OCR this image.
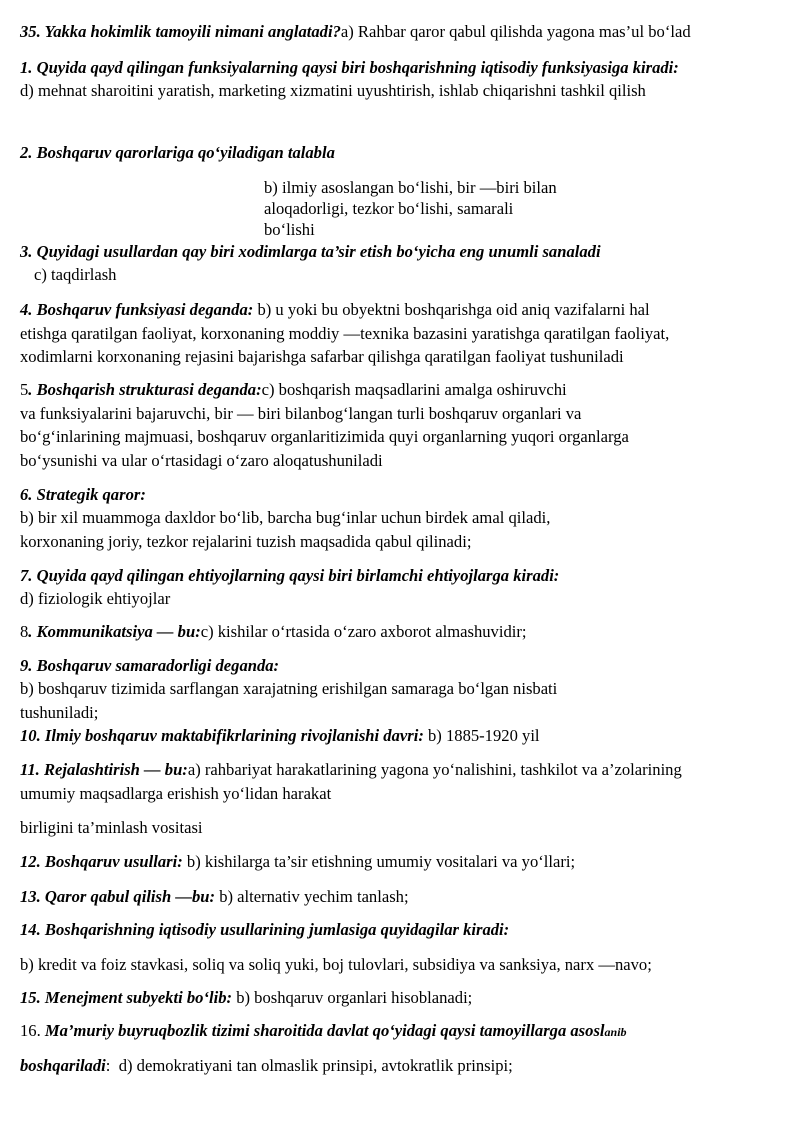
35. Yakka hokimlik tamoyili nimani anglatadi?a) Rahbar qaror qabul qilishda yagona mas’ul bo‘lad
1. Quyida qayd qilingan funksiyalarning qaysi biri boshqarishning iqtisodiy funksiyasiga kiradi:
d) mehnat sharoitini yaratish, marketing xizmatini uyushtirish, ishlab chiqarishni tashkil qilish
2. Boshqaruv qarorlariga qo‘yiladigan talabla
b) ilmiy asoslangan bo‘lishi, bir —biri bilan
aloqadorligi, tezkor bo‘lishi, samarali
bo‘lishi
3. Quyidagi usullardan qay biri xodimlarga ta’sir etish bo‘yicha eng unumli sanaladi
c) taqdirlash
4. Boshqaruv funksiyasi deganda: b) u yoki bu obyektni boshqarishga oid aniq vazifalarni hal
etishga qaratilgan faoliyat, korxonaning moddiy —texnika bazasini yaratishga qaratilgan faoliyat,
xodimlarni korxonaning rejasini bajarishga safarbar qilishga qaratilgan faoliyat tushuniladi
5. Boshqarish strukturasi deganda:c) boshqarish maqsadlarini amalga oshiruvchi
va funksiyalarini bajaruvchi, bir — biri bilanbog‘langan turli boshqaruv organlari va
bo‘g‘inlarining majmuasi, boshqaruv organlaritizimida quyi organlarning yuqori organlarga
bo‘ysunishi va ular o‘rtasidagi o‘zaro aloqatushuniladi
6. Strategik qaror:
b) bir xil muammoga daxldor bo‘lib, barcha bug‘inlar uchun birdek amal qiladi,
korxonaning joriy, tezkor rejalarini tuzish maqsadida qabul qilinadi;
7. Quyida qayd qilingan ehtiyojlarning qaysi biri birlamchi ehtiyojlarga kiradi:
d) fiziologik ehtiyojlar
8. Kommunikatsiya — bu:c) kishilar o‘rtasida o‘zaro axborot almashuvidir;
9. Boshqaruv samaradorligi deganda:
b) boshqaruv tizimida sarflangan xarajatning erishilgan samaraga bo‘lgan nisbati
tushuniladi;
10. Ilmiy boshqaruv maktabifikrlarining rivojlanishi davri: b) 1885-1920 yil
11. Rejalashtirish — bu:a) rahbariyat harakatlarining yagona yo‘nalishini, tashkilot va a’zolarining
umumiy maqsadlarga erishish yo‘lidan harakat
birligini ta’minlash vositasi
12. Boshqaruv usullari: b) kishilarga ta’sir etishning umumiy vositalari va yo‘llari;
13. Qaror qabul qilish —bu: b) alternativ yechim tanlash;
14. Boshqarishning iqtisodiy usullarining jumlasiga quyidagilar kiradi:
b) kredit va foiz stavkasi, soliq va soliq yuki, boj tulovlari, subsidiya va sanksiya, narx —navo;
15. Menejment subyekti bo‘lib: b) boshqaruv organlari hisoblanadi;
16. Ma’muriy buyruqbozlik tizimi sharoitida davlat qo‘yidagi qaysi tamoyillarga asoslanib
boshqariladi:  d) demokratiyani tan olmaslik prinsipi, avtokratlik prinsipi;
